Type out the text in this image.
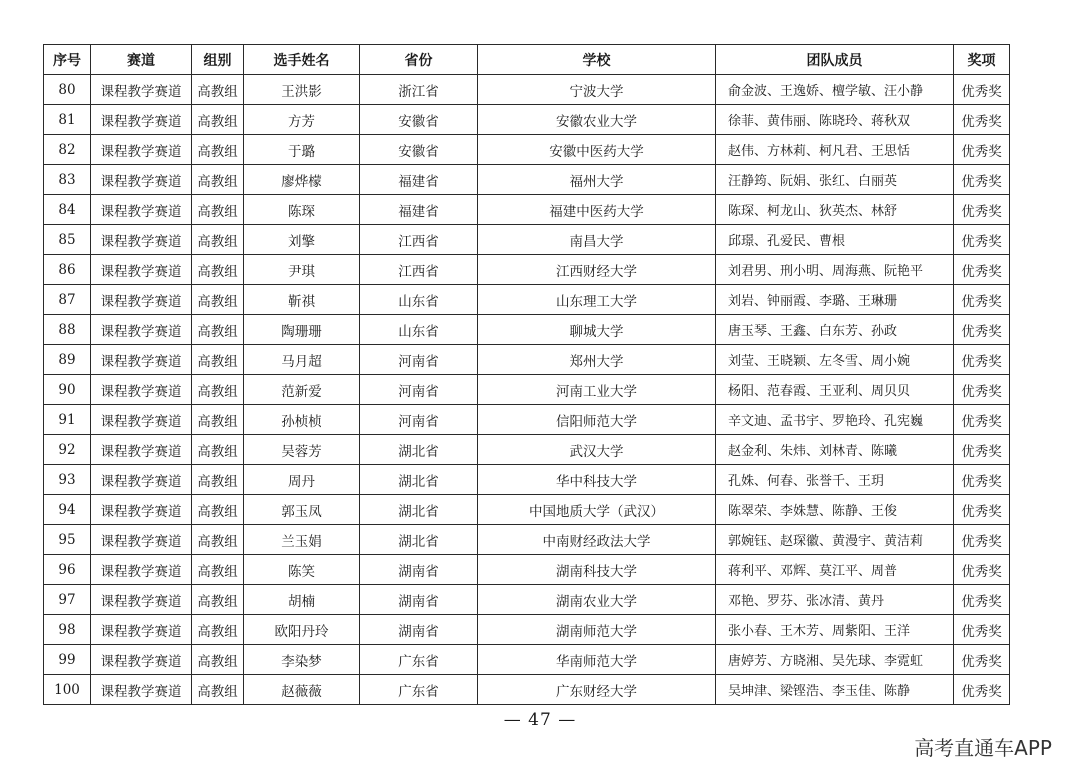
序号	赛道	组别	选手姓名	省份	学校	团队成员	奖项
80	课程教学赛道	高教组	王洪影	浙江省	宁波大学	俞金波、王逸娇、檀学敏、汪小静	优秀奖
81	课程教学赛道	高教组	方芳	安徽省	安徽农业大学	徐菲、黄伟丽、陈晓玲、蒋秋双	优秀奖
82	课程教学赛道	高教组	于璐	安徽省	安徽中医药大学	赵伟、方林莉、柯凡君、王思恬	优秀奖
83	课程教学赛道	高教组	廖烨檬	福建省	福州大学	汪静筠、阮娟、张红、白丽英	优秀奖
84	课程教学赛道	高教组	陈琛	福建省	福建中医药大学	陈琛、柯龙山、狄英杰、林舒	优秀奖
85	课程教学赛道	高教组	刘擎	江西省	南昌大学	邱璟、孔爱民、曹根	优秀奖
86	课程教学赛道	高教组	尹琪	江西省	江西财经大学	刘君男、刑小明、周海燕、阮艳平	优秀奖
87	课程教学赛道	高教组	靳祺	山东省	山东理工大学	刘岩、钟丽霞、李璐、王琳珊	优秀奖
88	课程教学赛道	高教组	陶珊珊	山东省	聊城大学	唐玉琴、王鑫、白东芳、孙政	优秀奖
89	课程教学赛道	高教组	马月超	河南省	郑州大学	刘莹、王晓颖、左冬雪、周小婉	优秀奖
90	课程教学赛道	高教组	范新爱	河南省	河南工业大学	杨阳、范春霞、王亚利、周贝贝	优秀奖
91	课程教学赛道	高教组	孙桢桢	河南省	信阳师范大学	辛文迪、孟书宇、罗艳玲、孔宪巍	优秀奖
92	课程教学赛道	高教组	吴蓉芳	湖北省	武汉大学	赵金利、朱炜、刘林青、陈曦	优秀奖
93	课程教学赛道	高教组	周丹	湖北省	华中科技大学	孔姝、何春、张誉千、王玥	优秀奖
94	课程教学赛道	高教组	郭玉凤	湖北省	中国地质大学（武汉）	陈翠荣、李姝慧、陈静、王俊	优秀奖
95	课程教学赛道	高教组	兰玉娟	湖北省	中南财经政法大学	郭婉钰、赵琛徽、黄漫宇、黄洁莉	优秀奖
96	课程教学赛道	高教组	陈笑	湖南省	湖南科技大学	蒋利平、邓辉、莫江平、周普	优秀奖
97	课程教学赛道	高教组	胡楠	湖南省	湖南农业大学	邓艳、罗芬、张冰清、黄丹	优秀奖
98	课程教学赛道	高教组	欧阳丹玲	湖南省	湖南师范大学	张小春、王木芳、周紫阳、王洋	优秀奖
99	课程教学赛道	高教组	李染梦	广东省	华南师范大学	唐婷芳、方晓湘、吴先球、李霓虹	优秀奖
100	课程教学赛道	高教组	赵薇薇	广东省	广东财经大学	吴坤津、梁铿浩、李玉佳、陈静	优秀奖
— 47 —
高考直通车APP
